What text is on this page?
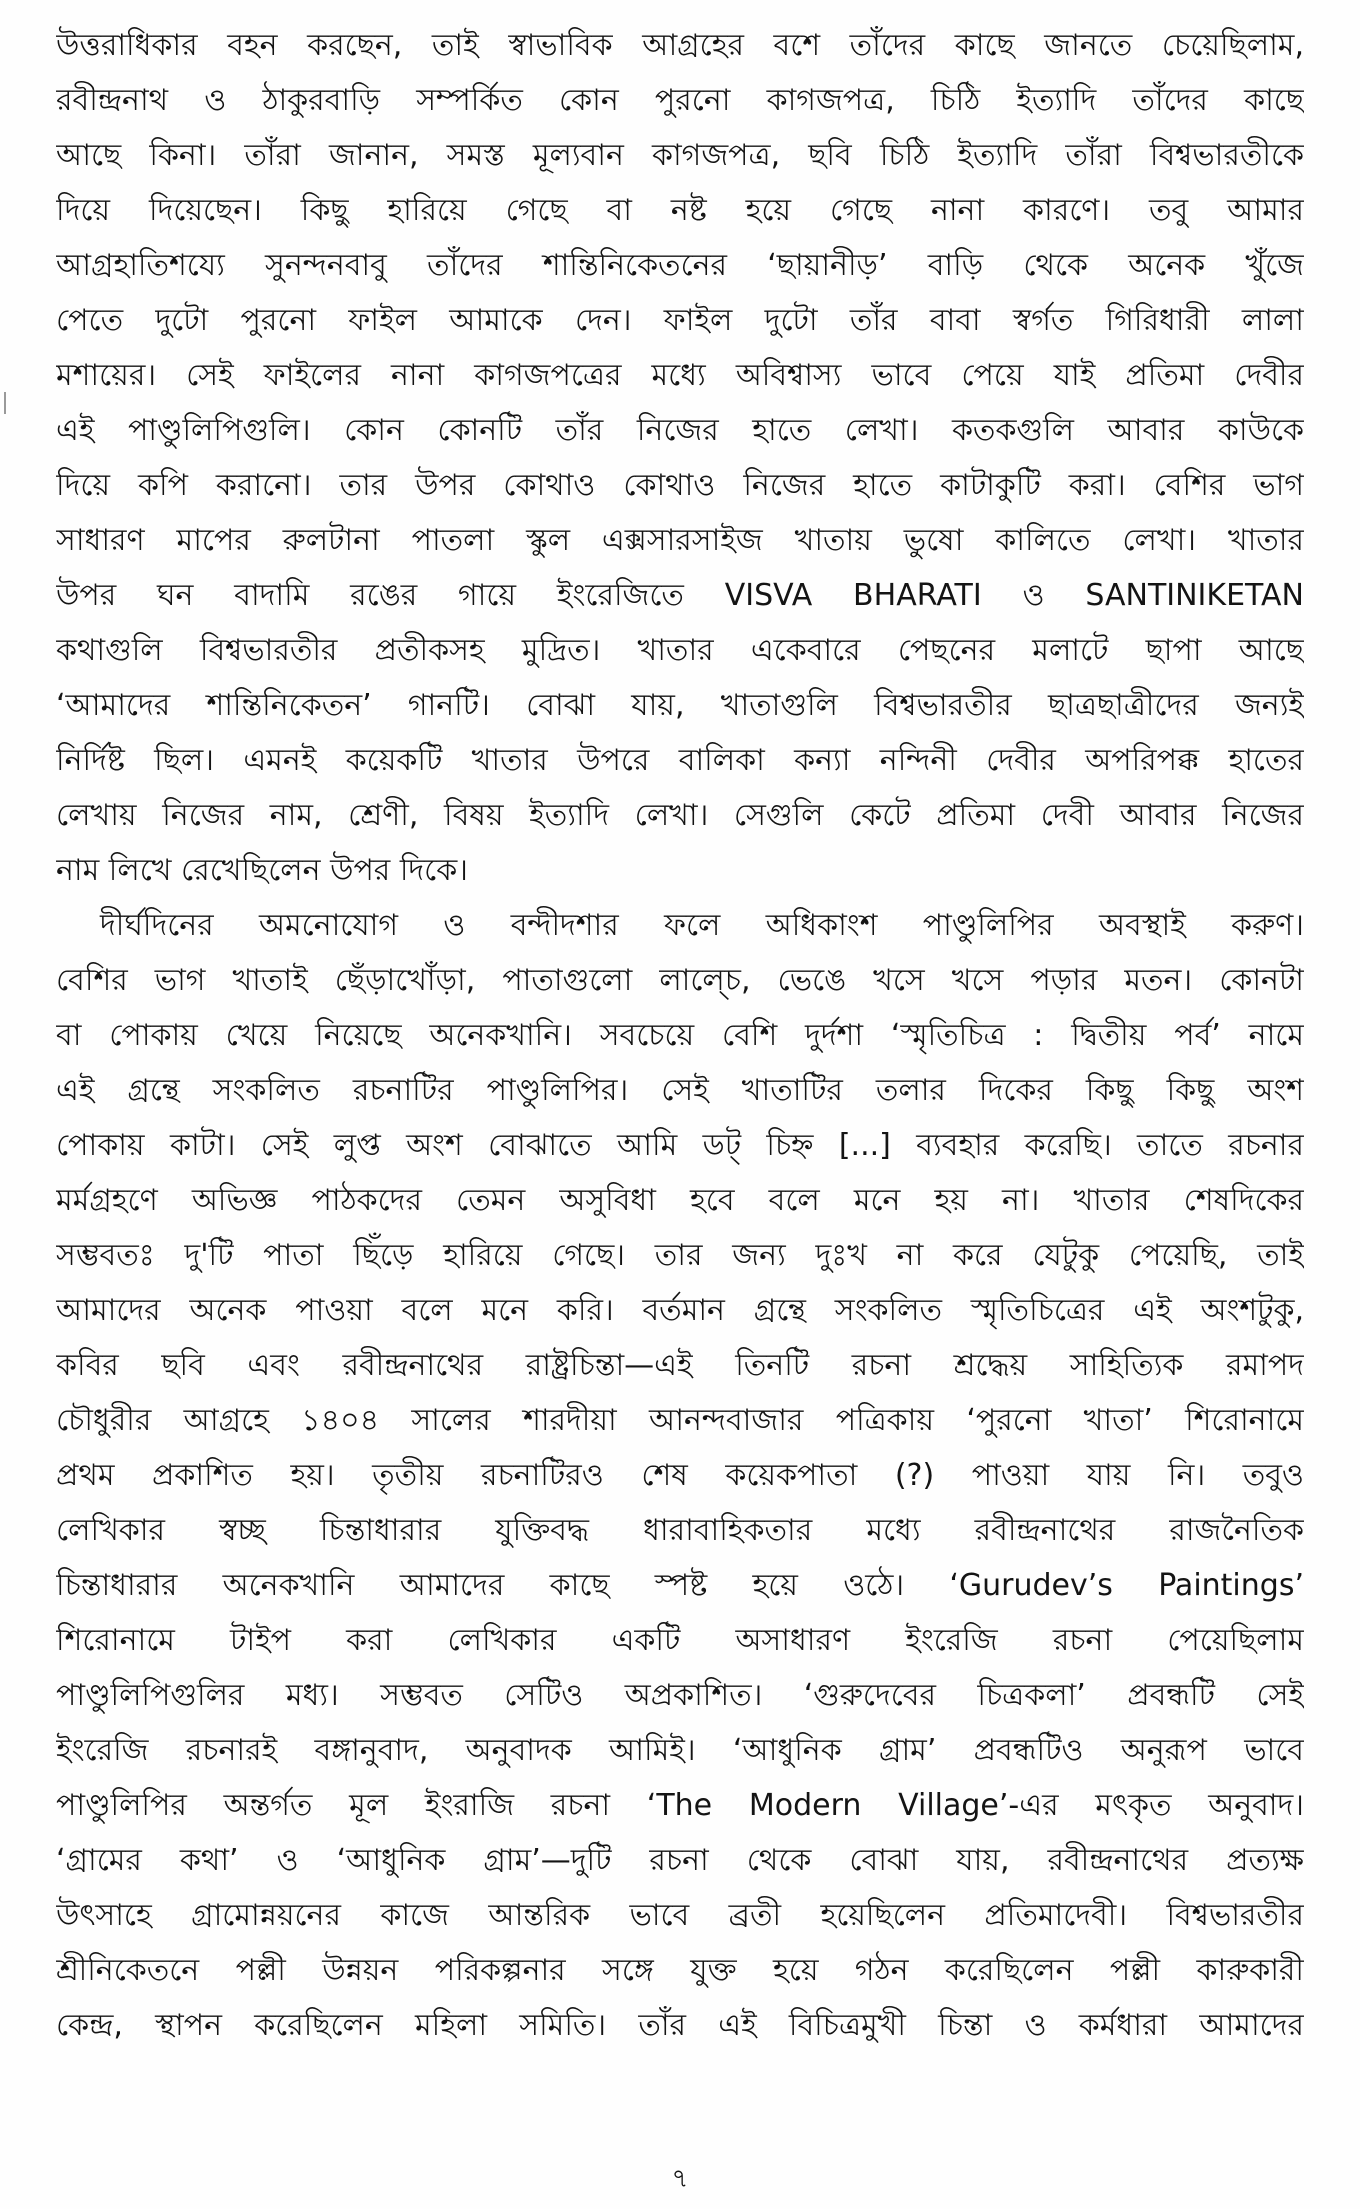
উত্তরাধিকার বহন করছেন, তাই স্বাভাবিক আগ্রহের বশে তাঁদের কাছে জানতে চেয়েছিলাম,
রবীন্দ্রনাথ ও ঠাকুরবাড়ি সম্পর্কিত কোন পুরনো কাগজপত্র, চিঠি ইত্যাদি তাঁদের কাছে
আছে কিনা। তাঁরা জানান, সমস্ত মূল্যবান কাগজপত্র, ছবি চিঠি ইত্যাদি তাঁরা বিশ্বভারতীকে
দিয়ে দিয়েছেন। কিছু হারিয়ে গেছে বা নষ্ট হয়ে গেছে নানা কারণে। তবু আমার
আগ্রহাতিশয্যে সুনন্দনবাবু তাঁদের শান্তিনিকেতনের ‘ছায়ানীড়’ বাড়ি থেকে অনেক খুঁজে
পেতে দুটো পুরনো ফাইল আমাকে দেন। ফাইল দুটো তাঁর বাবা স্বর্গত গিরিধারী লালা
মশায়ের। সেই ফাইলের নানা কাগজপত্রের মধ্যে অবিশ্বাস্য ভাবে পেয়ে যাই প্রতিমা দেবীর
এই পাণ্ডুলিপিগুলি। কোন কোনটি তাঁর নিজের হাতে লেখা। কতকগুলি আবার কাউকে
দিয়ে কপি করানো। তার উপর কোথাও কোথাও নিজের হাতে কাটাকুটি করা। বেশির ভাগ
সাধারণ মাপের রুলটানা পাতলা স্কুল এক্সসারসাইজ খাতায় ভুষো কালিতে লেখা। খাতার
উপর ঘন বাদামি রঙের গায়ে ইংরেজিতে VISVA BHARATI ও SANTINIKETAN
কথাগুলি বিশ্বভারতীর প্রতীকসহ মুদ্রিত। খাতার একেবারে পেছনের মলাটে ছাপা আছে
‘আমাদের শান্তিনিকেতন’ গানটি। বোঝা যায়, খাতাগুলি বিশ্বভারতীর ছাত্রছাত্রীদের জন্যই
নির্দিষ্ট ছিল। এমনই কয়েকটি খাতার উপরে বালিকা কন্যা নন্দিনী দেবীর অপরিপক্ক হাতের
লেখায় নিজের নাম, শ্রেণী, বিষয় ইত্যাদি লেখা। সেগুলি কেটে প্রতিমা দেবী আবার নিজের
নাম লিখে রেখেছিলেন উপর দিকে।
দীর্ঘদিনের অমনোযোগ ও বন্দীদশার ফলে অধিকাংশ পাণ্ডুলিপির অবস্থাই করুণ।
বেশির ভাগ খাতাই ছেঁড়াখোঁড়া, পাতাগুলো লাল্চে, ভেঙে খসে খসে পড়ার মতন। কোনটা
বা পোকায় খেয়ে নিয়েছে অনেকখানি। সবচেয়ে বেশি দুর্দশা ‘স্মৃতিচিত্র : দ্বিতীয় পর্ব’ নামে
এই গ্রন্থে সংকলিত রচনাটির পাণ্ডুলিপির। সেই খাতাটির তলার দিকের কিছু কিছু অংশ
পোকায় কাটা। সেই লুপ্ত অংশ বোঝাতে আমি ডট্ চিহ্ন [...] ব্যবহার করেছি। তাতে রচনার
মর্মগ্রহণে অভিজ্ঞ পাঠকদের তেমন অসুবিধা হবে বলে মনে হয় না। খাতার শেষদিকের
সম্ভবতঃ দু'টি পাতা ছিঁড়ে হারিয়ে গেছে। তার জন্য দুঃখ না করে যেটুকু পেয়েছি, তাই
আমাদের অনেক পাওয়া বলে মনে করি। বর্তমান গ্রন্থে সংকলিত স্মৃতিচিত্রের এই অংশটুকু,
কবির ছবি এবং রবীন্দ্রনাথের রাষ্ট্রচিন্তা—এই তিনটি রচনা শ্রদ্ধেয় সাহিত্যিক রমাপদ
চৌধুরীর আগ্রহে ১৪০৪ সালের শারদীয়া আনন্দবাজার পত্রিকায় ‘পুরনো খাতা’ শিরোনামে
প্রথম প্রকাশিত হয়। তৃতীয় রচনাটিরও শেষ কয়েকপাতা (?) পাওয়া যায় নি। তবুও
লেখিকার স্বচ্ছ চিন্তাধারার যুক্তিবদ্ধ ধারাবাহিকতার মধ্যে রবীন্দ্রনাথের রাজনৈতিক
চিন্তাধারার অনেকখানি আমাদের কাছে স্পষ্ট হয়ে ওঠে। ‘Gurudev’s Paintings’
শিরোনামে টাইপ করা লেখিকার একটি অসাধারণ ইংরেজি রচনা পেয়েছিলাম
পাণ্ডুলিপিগুলির মধ্য। সম্ভবত সেটিও অপ্রকাশিত। ‘গুরুদেবের চিত্রকলা’ প্রবন্ধটি সেই
ইংরেজি রচনারই বঙ্গানুবাদ, অনুবাদক আমিই। ‘আধুনিক গ্রাম’ প্রবন্ধটিও অনুরূপ ভাবে
পাণ্ডুলিপির অন্তর্গত মূল ইংরাজি রচনা ‘The Modern Village’-এর মৎকৃত অনুবাদ।
‘গ্রামের কথা’ ও ‘আধুনিক গ্রাম’—দুটি রচনা থেকে বোঝা যায়, রবীন্দ্রনাথের প্রত্যক্ষ
উৎসাহে গ্রামোন্নয়নের কাজে আন্তরিক ভাবে ব্রতী হয়েছিলেন প্রতিমাদেবী। বিশ্বভারতীর
শ্রীনিকেতনে পল্লী উন্নয়ন পরিকল্পনার সঙ্গে যুক্ত হয়ে গঠন করেছিলেন পল্লী কারুকারী
কেন্দ্র, স্থাপন করেছিলেন মহিলা সমিতি। তাঁর এই বিচিত্রমুখী চিন্তা ও কর্মধারা আমাদের
৭
